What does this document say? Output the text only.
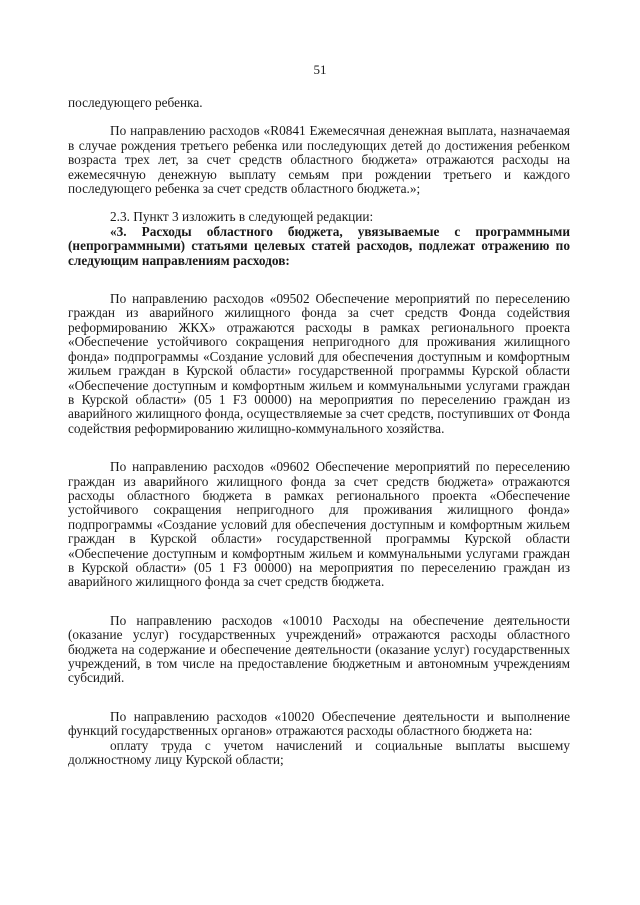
51

последующего ребенка.

По направлению расходов «R0841 Ежемесячная денежная выплата, назначаемая в случае рождения третьего ребенка или последующих детей до достижения ребенком возраста трех лет, за счет средств областного бюджета» отражаются расходы на ежемесячную денежную выплату семьям при рождении третьего и каждого последующего ребенка за счет средств областного бюджета.»;

2.3. Пункт 3 изложить в следующей редакции:

«3. Расходы областного бюджета, увязываемые с программными (непрограммными) статьями целевых статей расходов, подлежат отражению по следующим направлениям расходов:

По направлению расходов «09502 Обеспечение мероприятий по переселению граждан из аварийного жилищного фонда за счет средств Фонда содействия реформированию ЖКХ» отражаются расходы в рамках регионального проекта «Обеспечение устойчивого сокращения непригодного для проживания жилищного фонда» подпрограммы «Создание условий для обеспечения доступным и комфортным жильем граждан в Курской области» государственной программы Курской области «Обеспечение доступным и комфортным жильем и коммунальными услугами граждан в Курской области» (05 1 F3 00000) на мероприятия по переселению граждан из аварийного жилищного фонда, осуществляемые за счет средств, поступивших от Фонда содействия реформированию жилищно-коммунального хозяйства.

По направлению расходов «09602 Обеспечение мероприятий по переселению граждан из аварийного жилищного фонда за счет средств бюджета» отражаются расходы областного бюджета в рамках регионального проекта «Обеспечение устойчивого сокращения непригодного для проживания жилищного фонда» подпрограммы «Создание условий для обеспечения доступным и комфортным жильем граждан в Курской области» государственной программы Курской области «Обеспечение доступным и комфортным жильем и коммунальными услугами граждан в Курской области» (05 1 F3 00000) на мероприятия по переселению граждан из аварийного жилищного фонда за счет средств бюджета.

По направлению расходов «10010 Расходы на обеспечение деятельности (оказание услуг) государственных учреждений» отражаются расходы областного бюджета на содержание и обеспечение деятельности (оказание услуг) государственных учреждений, в том числе на предоставление бюджетным и автономным учреждениям субсидий.

По направлению расходов «10020 Обеспечение деятельности и выполнение функций государственных органов» отражаются расходы областного бюджета на:

оплату труда с учетом начислений и социальные выплаты высшему должностному лицу Курской области;
